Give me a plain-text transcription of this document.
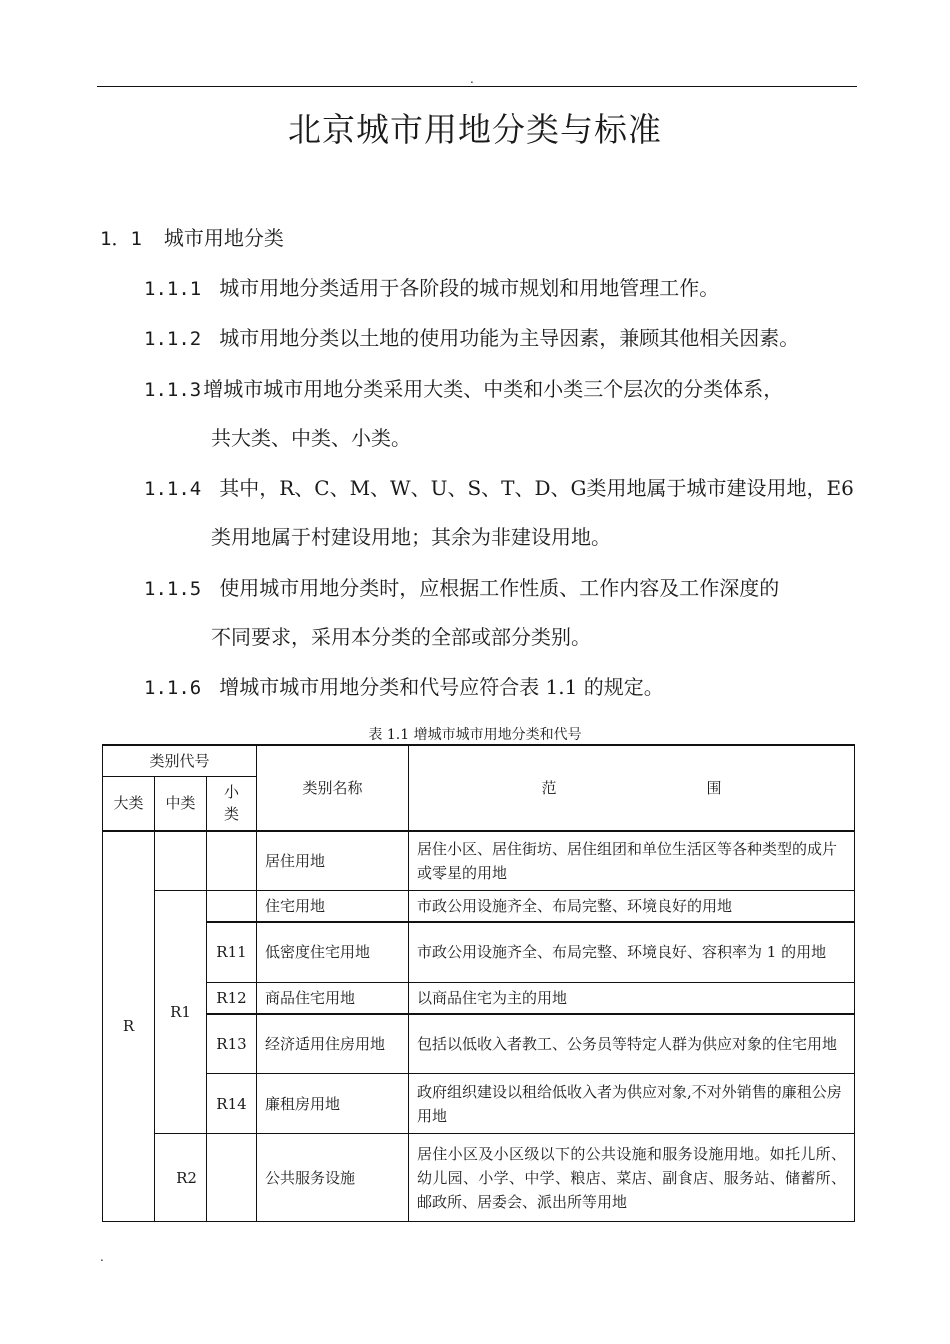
.
北京城市用地分类与标准
1．1 城市用地分类
1.1.1 城市用地分类适用于各阶段的城市规划和用地管理工作。
1.1.2 城市用地分类以土地的使用功能为主导因素，兼顾其他相关因素。
1.1.3 增城市城市用地分类采用大类、中类和小类三个层次的分类体系，
共大类、中类、小类。
1.1.4 其中，R、C、M、W、U、S、T、D、G类用地属于城市建设用地，E6
类用地属于村建设用地；其余为非建设用地。
1.1.5 使用城市用地分类时，应根据工作性质、工作内容及工作深度的
不同要求，采用本分类的全部或部分类别。
1.1.6 增城市城市用地分类和代号应符合表 1.1 的规定。
表 1.1 增城市城市用地分类和代号
类别代号			类别名称	范 围
大类	中类	小
类		
R			居住用地	居住小区、居住街坊、居住组团和单位生活区等各种类型的成片或零星的用地
	R1		住宅用地	市政公用设施齐全、布局完整、环境良好的用地
		R11	低密度住宅用地	市政公用设施齐全、布局完整、环境良好、容积率为 1 的用地
		R12	商品住宅用地	以商品住宅为主的用地
		R13	经济适用住房用地	包括以低收入者教工、公务员等特定人群为供应对象的住宅用地
		R14	廉租房用地	政府组织建设以租给低收入者为供应对象,不对外销售的廉租公房用地
	R2		公共服务设施	居住小区及小区级以下的公共设施和服务设施用地。如托儿所、幼儿园、小学、中学、粮店、菜店、副食店、服务站、储蓄所、邮政所、居委会、派出所等用地
.
